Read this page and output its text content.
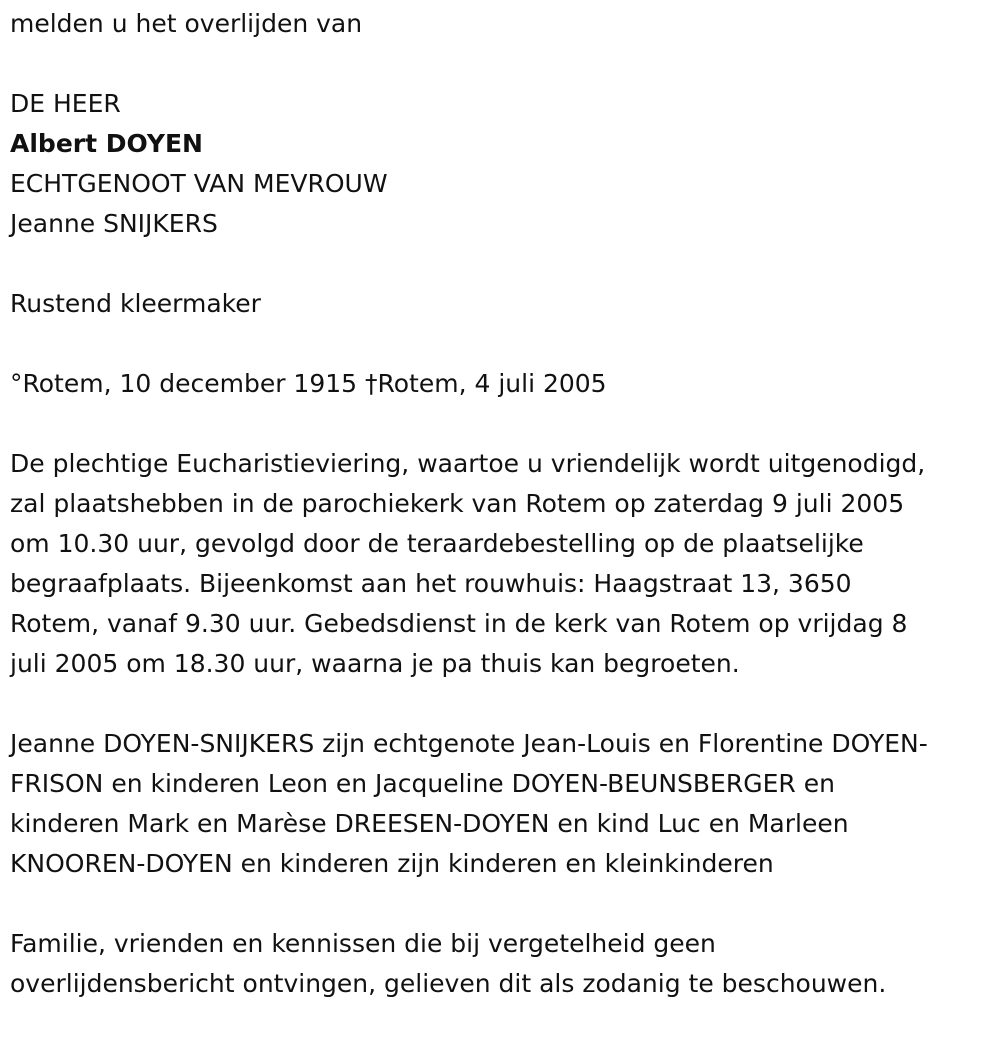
melden u het overlijden van

DE HEER

Albert DOYEN

ECHTGENOOT VAN MEVROUW

Jeanne SNIJKERS

Rustend kleermaker

°Rotem, 10 december 1915 †Rotem, 4 juli 2005

De plechtige Eucharistieviering, waartoe u vriendelijk wordt uitgenodigd,
zal plaatshebben in de parochiekerk van Rotem op zaterdag 9 juli 2005
om 10.30 uur, gevolgd door de teraardebestelling op de plaatselijke
begraafplaats. Bijeenkomst aan het rouwhuis: Haagstraat 13, 3650
Rotem, vanaf 9.30 uur. Gebedsdienst in de kerk van Rotem op vrijdag 8
juli 2005 om 18.30 uur, waarna je pa thuis kan begroeten.
Jeanne DOYEN-SNIJKERS zijn echtgenote Jean-Louis en Florentine DOYEN-
FRISON en kinderen Leon en Jacqueline DOYEN-BEUNSBERGER en
kinderen Mark en Marèse DREESEN-DOYEN en kind Luc en Marleen
KNOOREN-DOYEN en kinderen zijn kinderen en kleinkinderen
Familie, vrienden en kennissen die bij vergetelheid geen
overlijdensbericht ontvingen, gelieven dit als zodanig te beschouwen.
